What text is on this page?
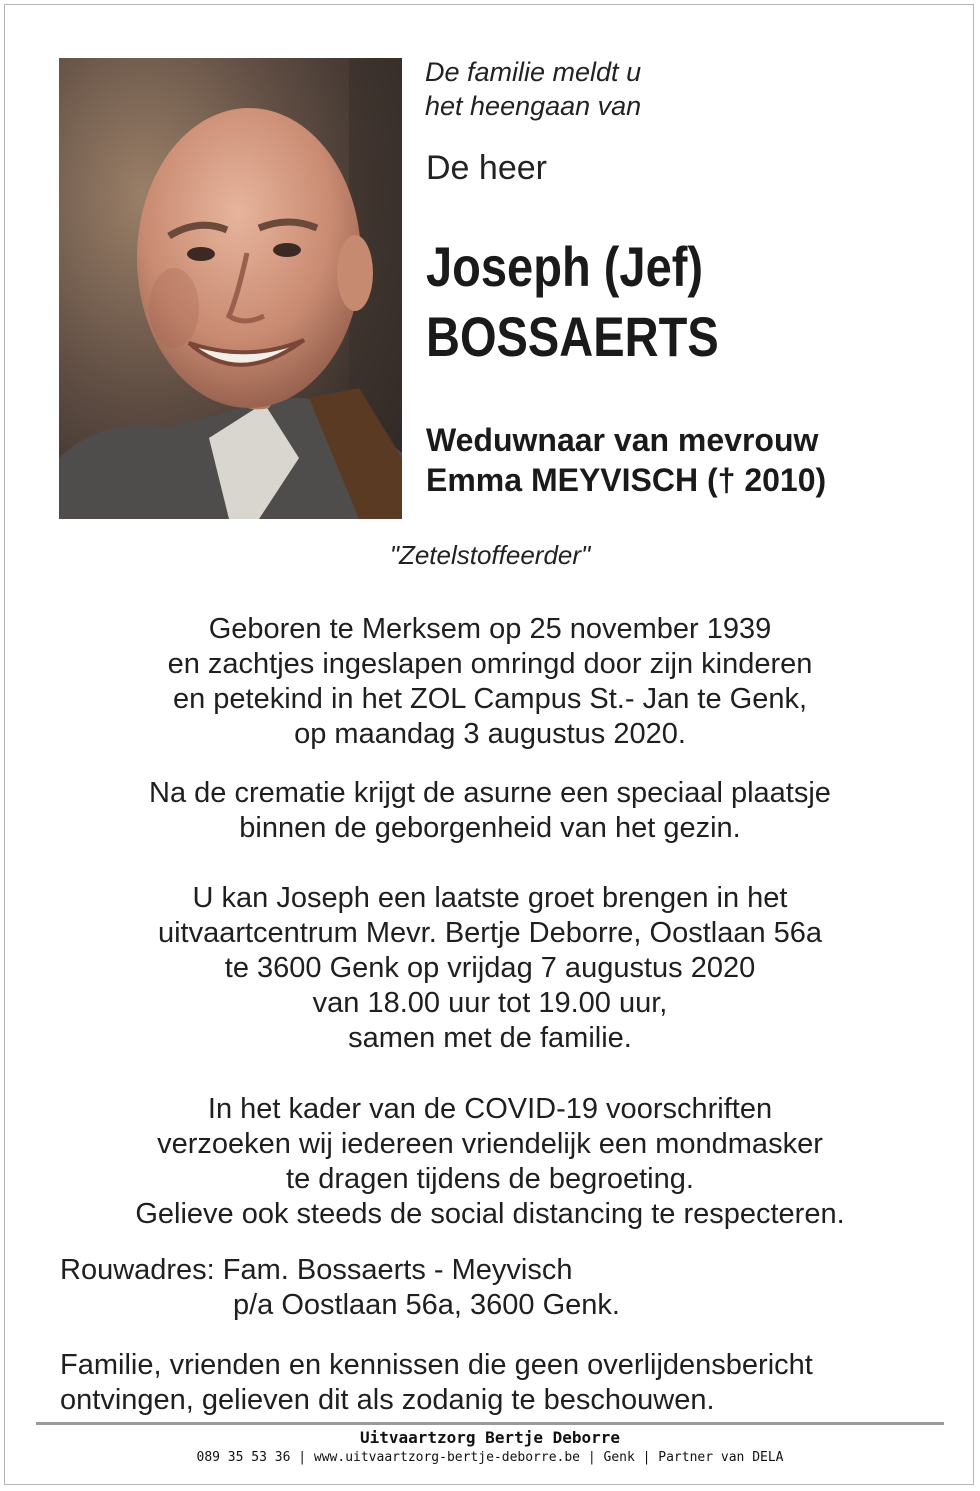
De familie meldt u
het heengaan van
De heer
Joseph (Jef)
BOSSAERTS
Weduwnaar van mevrouw
Emma MEYVISCH († 2010)
"Zetelstoffeerder"
Geboren te Merksem op 25 november 1939
en zachtjes ingeslapen omringd door zijn kinderen
en petekind in het ZOL Campus St.- Jan te Genk,
op maandag 3 augustus 2020.
Na de crematie krijgt de asurne een speciaal plaatsje
binnen de geborgenheid van het gezin.
U kan Joseph een laatste groet brengen in het
uitvaartcentrum Mevr. Bertje Deborre, Oostlaan 56a
te 3600 Genk op vrijdag 7 augustus 2020
van 18.00 uur tot 19.00 uur,
samen met de familie.
In het kader van de COVID-19 voorschriften
verzoeken wij iedereen vriendelijk een mondmasker
te dragen tijdens de begroeting.
Gelieve ook steeds de social distancing te respecteren.
Rouwadres: Fam. Bossaerts - Meyvisch
p/a Oostlaan 56a, 3600 Genk.
Familie, vrienden en kennissen die geen overlijdensbericht
ontvingen, gelieven dit als zodanig te beschouwen.
Uitvaartzorg Bertje Deborre
089 35 53 36 | www.uitvaartzorg-bertje-deborre.be | Genk | Partner van DELA
